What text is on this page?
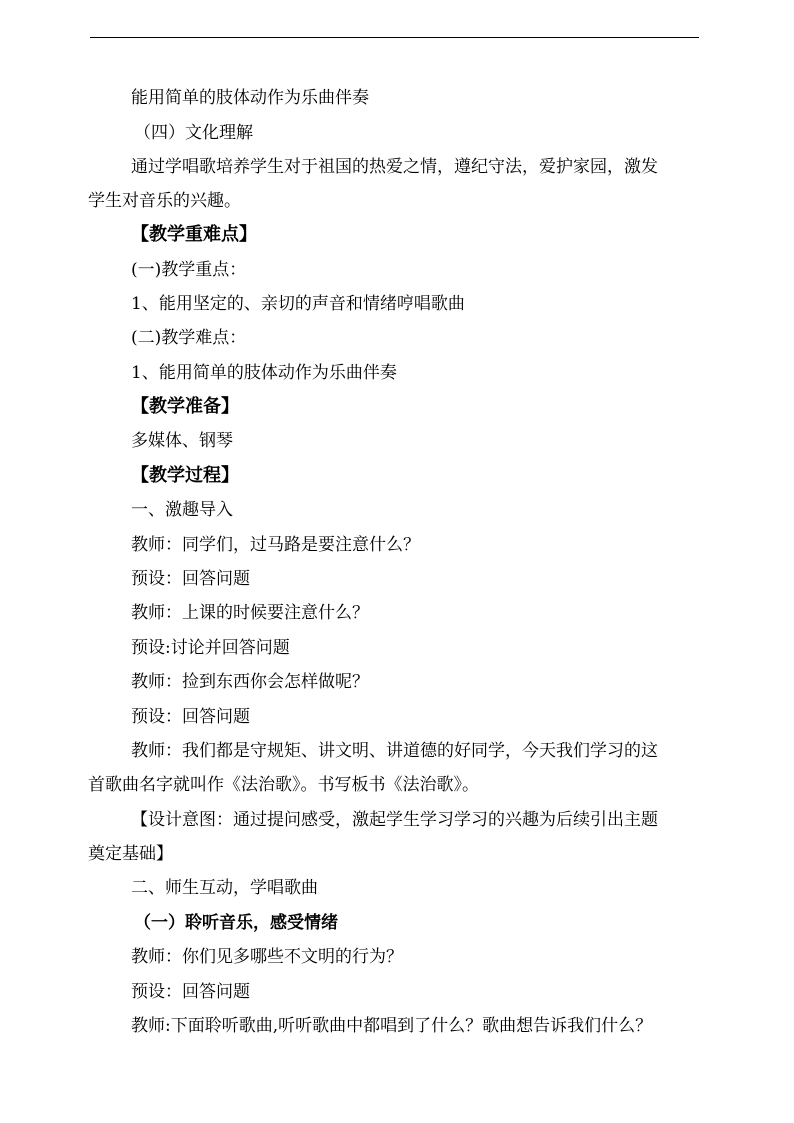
能用简单的肢体动作为乐曲伴奏
（四）文化理解
通过学唱歌培养学生对于祖国的热爱之情，遵纪守法，爱护家园，激发
学生对音乐的兴趣。
【教学重难点】
(一)教学重点：
1、能用坚定的、亲切的声音和情绪哼唱歌曲
(二)教学难点：
1、能用简单的肢体动作为乐曲伴奏
【教学准备】
多媒体、钢琴
【教学过程】
一、激趣导入
教师：同学们，过马路是要注意什么？
预设：回答问题
教师：上课的时候要注意什么？
预设:讨论并回答问题
教师：捡到东西你会怎样做呢？
预设：回答问题
教师：我们都是守规矩、讲文明、讲道德的好同学，今天我们学习的这
首歌曲名字就叫作《法治歌》。书写板书《法治歌》。
【设计意图：通过提问感受，激起学生学习学习的兴趣为后续引出主题
奠定基础】
二、师生互动，学唱歌曲
（一）聆听音乐，感受情绪
教师：你们见多哪些不文明的行为？
预设：回答问题
教师:下面聆听歌曲,听听歌曲中都唱到了什么？歌曲想告诉我们什么？
